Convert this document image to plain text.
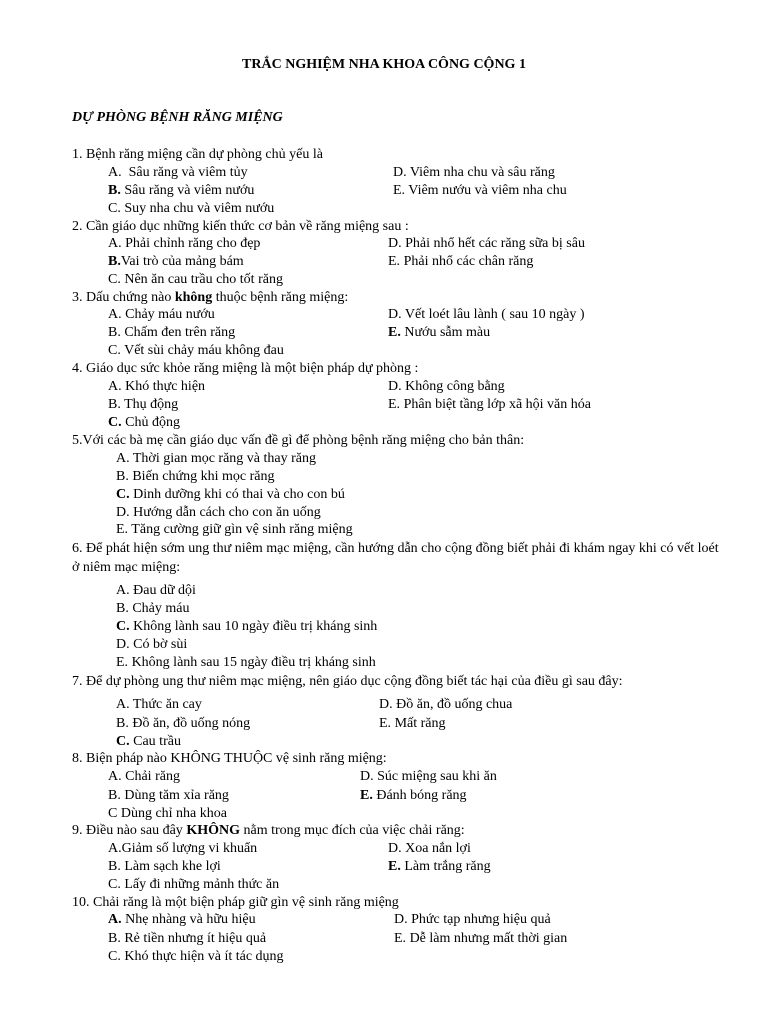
TRẮC NGHIỆM NHA KHOA CÔNG CỘNG 1
DỰ PHÒNG BỆNH RĂNG MIỆNG
1. Bệnh răng miệng cần dự phòng chủ yếu là
A.  Sâu răng và viêm tủy
B. Sâu răng và viêm nướu
C. Suy nha chu và viêm nướu
D. Viêm nha chu và sâu răng
E. Viêm nướu và viêm nha chu
2. Cần giáo dục những kiến thức cơ bản về răng miệng sau :
A. Phải chỉnh răng cho đẹp
B.Vai trò của mảng bám
C. Nên ăn cau trầu cho tốt răng
D. Phải nhổ hết các răng sữa bị sâu
E. Phải nhổ các chân răng
3. Dấu chứng nào không thuộc bệnh răng miệng:
A. Chảy máu nướu
B. Chấm đen trên răng
C. Vết sùi chảy máu không đau
D. Vết loét lâu lành ( sau 10 ngày )
E. Nướu sẫm màu
4. Giáo dục sức khỏe răng miệng là một biện pháp dự phòng :
A. Khó thực hiện
B. Thụ động
C. Chủ động
D. Không công bằng
E. Phân biệt tầng lớp xã hội văn hóa
5.Với các bà mẹ cần giáo dục vấn đề gì để phòng bệnh răng miệng cho bản thân:
A. Thời gian mọc răng và thay răng
B. Biến chứng khi mọc răng
C. Dinh dưỡng khi có thai và cho con bú
D. Hướng dẫn cách cho con ăn uống
E. Tăng cường giữ gìn vệ sinh răng miệng
6. Để phát hiện sớm ung thư niêm mạc miệng, cần hướng dẫn cho cộng đồng biết phải đi khám ngay khi có vết loét ở niêm mạc miệng:
A. Đau dữ dội
B. Chảy máu
C. Không lành sau 10 ngày điều trị kháng sinh
D. Có bờ sùi
E. Không lành sau 15 ngày điều trị kháng sinh
7. Để dự phòng ung thư niêm mạc miệng, nên giáo dục cộng đồng biết tác hại của điều gì sau đây:
A. Thức ăn cay
B. Đồ ăn, đồ uống nóng
C. Cau trầu
D. Đồ ăn, đồ uống chua
E. Mất răng
8. Biện pháp nào KHÔNG THUỘC vệ sinh răng miệng:
A. Chải răng
B. Dùng tăm xỉa răng
C Dùng chỉ nha khoa
D. Súc miệng sau khi ăn
E. Đánh bóng răng
9. Điều nào sau đây KHÔNG nằm trong mục đích của việc chải răng:
A.Giảm số lượng vi khuẩn
B. Làm sạch khe lợi
C. Lấy đi những mảnh thức ăn
D. Xoa nắn lợi
E. Làm trắng răng
10. Chải răng là một biện pháp giữ gìn vệ sinh răng miệng
A. Nhẹ nhàng và hữu hiệu
B. Rẻ tiền nhưng ít hiệu quả
C. Khó thực hiện và ít tác dụng
D. Phức tạp nhưng hiệu quả
E. Dễ làm nhưng mất thời gian
